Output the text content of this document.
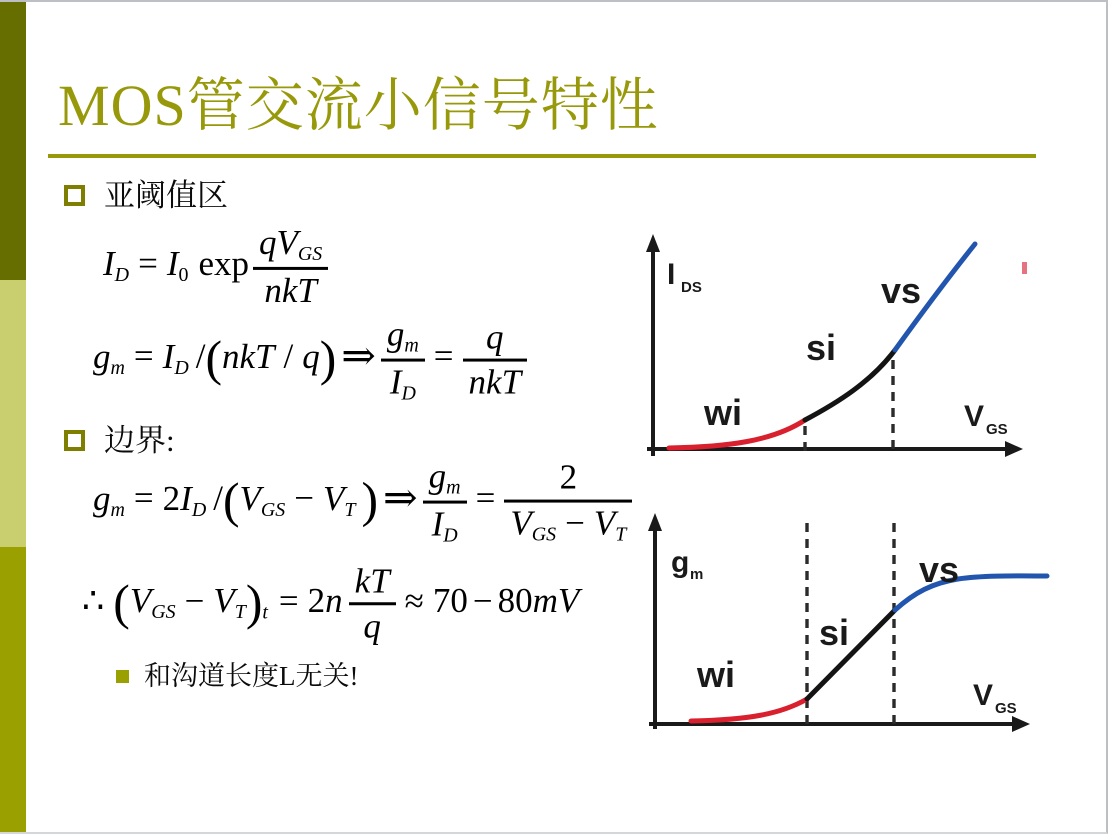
MOS管交流小信号特性
亚阈值区
$I_D = I_0$ $\exp \frac{qV_{GS}}{\text{nkT}}$
$g_m = I_D$ /(nkT / q) ⇒ $\frac{g_m}{I_D} = \frac{q}{\text{nkT}}$
边界:
$g_m = 2I_D$ $/(V_{GS} - V_T$ ) ⇒ $\frac{g_m}{I_D} = \frac{2}{V_{GS} - V_T}$
∴ $(V_{GS} - V_T)_t = 2n \frac{kT}{q} \approx 70 - 80mV$
和沟道长度L无关!
I DS
wi
si
vs
V GS
g m
wi
si
vs
V GS
